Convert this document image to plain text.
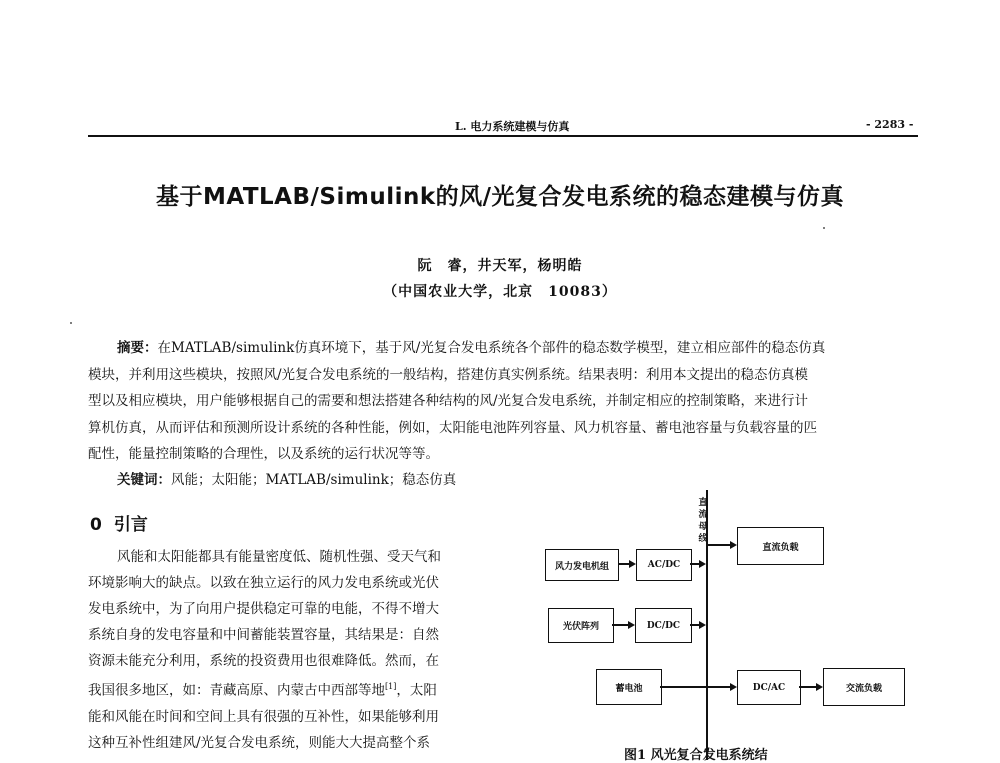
L. 电力系统建模与仿真	- 2283 -
基于MATLAB/Simulink的风/光复合发电系统的稳态建模与仿真
阮　睿，井天军，杨明皓
（中国农业大学，北京　10083）
摘要：在MATLAB/simulink仿真环境下，基于风/光复合发电系统各个部件的稳态数学模型，建立相应部件的稳态仿真
模块，并利用这些模块，按照风/光复合发电系统的一般结构，搭建仿真实例系统。结果表明：利用本文提出的稳态仿真模
型以及相应模块，用户能够根据自己的需要和想法搭建各种结构的风/光复合发电系统，并制定相应的控制策略，来进行计
算机仿真，从而评估和预测所设计系统的各种性能，例如，太阳能电池阵列容量、风力机容量、蓄电池容量与负载容量的匹
配性，能量控制策略的合理性，以及系统的运行状况等等。
关键词：风能；太阳能；MATLAB/simulink；稳态仿真
0 引言
风能和太阳能都具有能量密度低、随机性强、受天气和
环境影响大的缺点。以致在独立运行的风力发电系统或光伏
发电系统中，为了向用户提供稳定可靠的电能，不得不增大
系统自身的发电容量和中间蓄能装置容量，其结果是：自然
资源未能充分利用，系统的投资费用也很难降低。然而，在
我国很多地区，如：青藏高原、内蒙古中西部等地[1]，太阳
能和风能在时间和空间上具有很强的互补性，如果能够利用
这种互补性组建风/光复合发电系统，则能大大提高整个系
直流母线
风力发电机组	AC/DC
直流负载
光伏阵列	DC/DC
蓄电池	DC/AC	交流负载
图1 风光复合发电系统结
